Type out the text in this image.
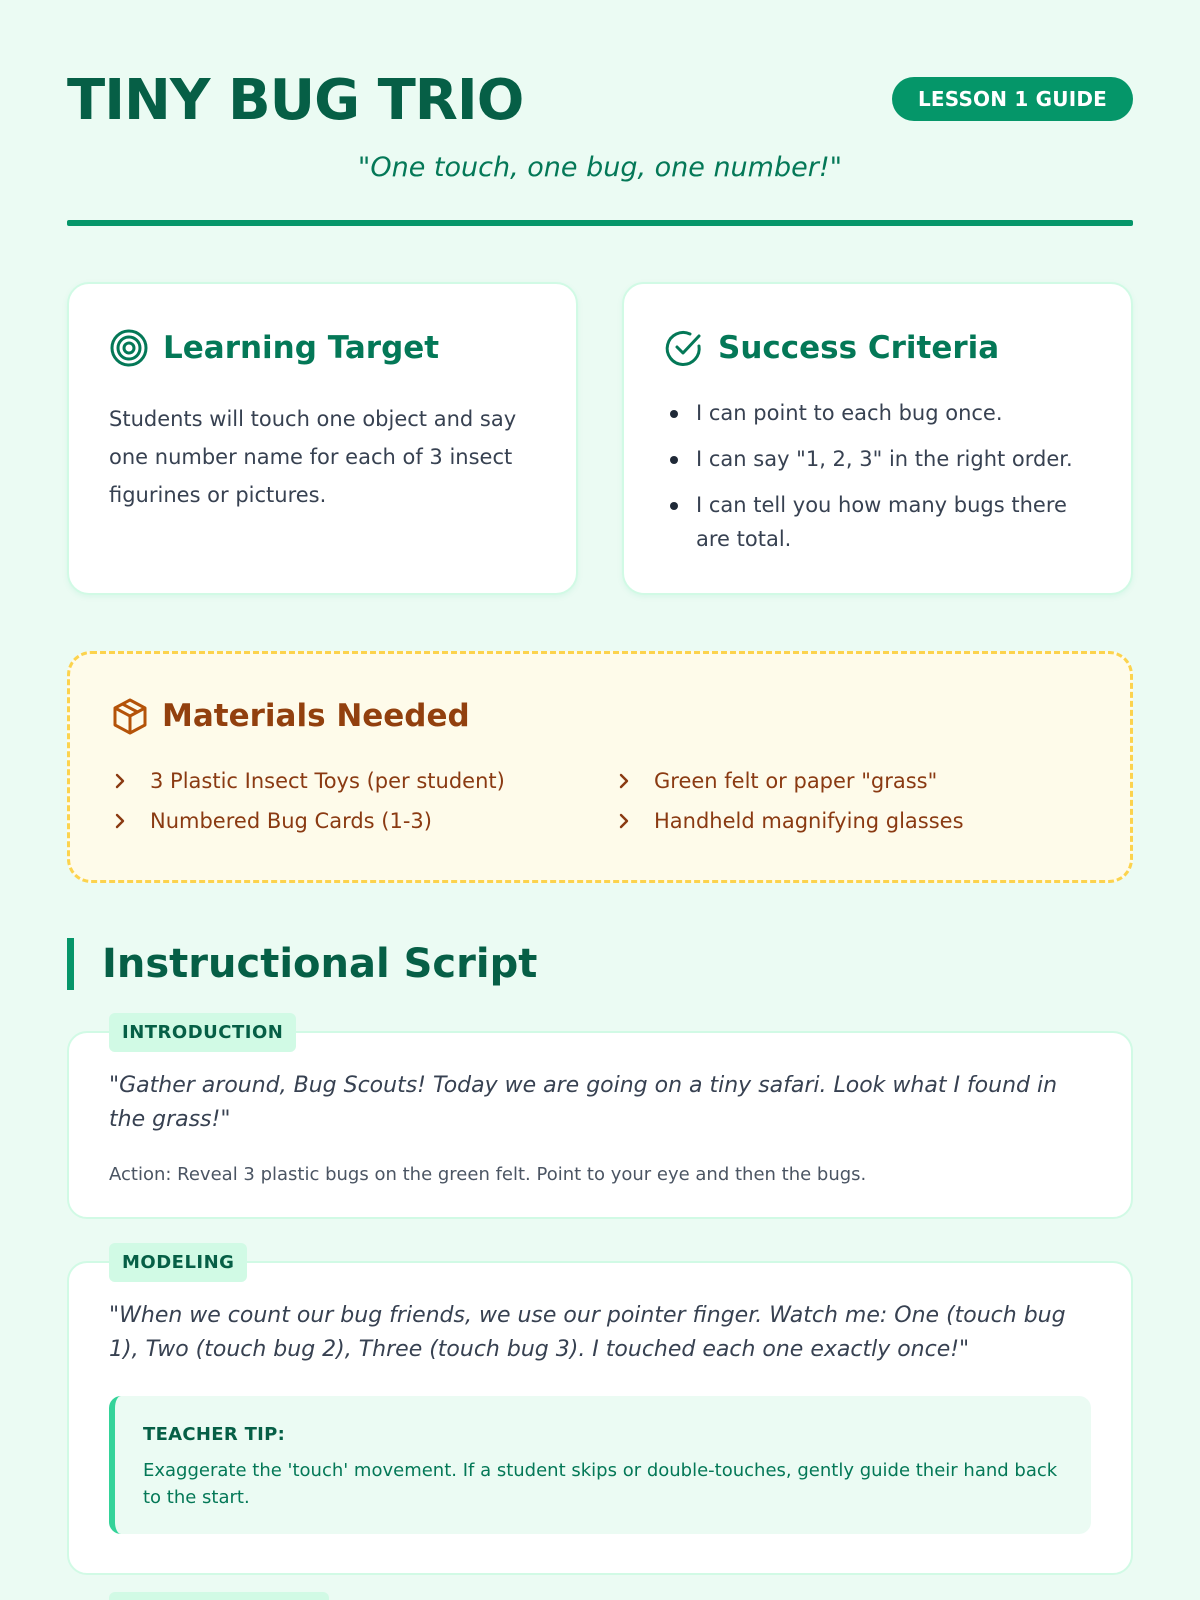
TINY BUG TRIO	LESSON 1 GUIDE
"One touch, one bug, one number!"
Learning Target
Students will touch one object and say one number name for each of 3 insect figurines or pictures.
Success Criteria
I can point to each bug once.
I can say "1, 2, 3" in the right order.
I can tell you how many bugs there are total.
Materials Needed
3 Plastic Insect Toys (per student)
Numbered Bug Cards (1-3)
Green felt or paper "grass"
Handheld magnifying glasses
Instructional Script
"Gather around, Bug Scouts! Today we are going on a tiny safari. Look what I found in the grass!"
Action: Reveal 3 plastic bugs on the green felt. Point to your eye and then the bugs.
INTRODUCTION
"When we count our bug friends, we use our pointer finger. Watch me: One (touch bug 1), Two (touch bug 2), Three (touch bug 3). I touched each one exactly once!"
TEACHER TIP:
Exaggerate the 'touch' movement. If a student skips or double-touches, gently guide their hand back to the start.
MODELING
